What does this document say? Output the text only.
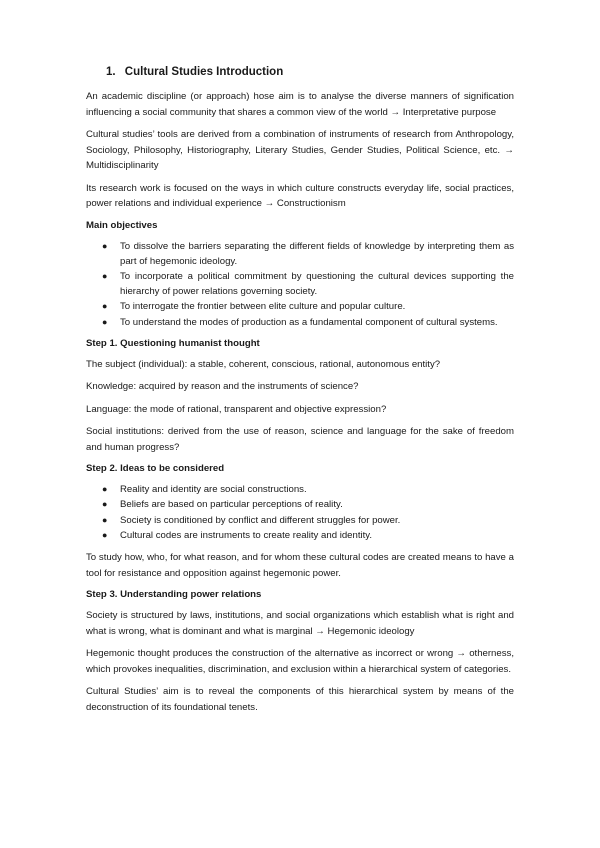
1. Cultural Studies Introduction

An academic discipline (or approach) hose aim is to analyse the diverse manners of signification influencing a social community that shares a common view of the world → Interpretative purpose

Cultural studies’ tools are derived from a combination of instruments of research from Anthropology, Sociology, Philosophy, Historiography, Literary Studies, Gender Studies, Political Science, etc. → Multidisciplinarity

Its research work is focused on the ways in which culture constructs everyday life, social practices, power relations and individual experience → Constructionism

Main objectives
● To dissolve the barriers separating the different fields of knowledge by interpreting them as part of hegemonic ideology.
● To incorporate a political commitment by questioning the cultural devices supporting the hierarchy of power relations governing society.
● To interrogate the frontier between elite culture and popular culture.
● To understand the modes of production as a fundamental component of cultural systems.
Step 1. Questioning humanist thought

The subject (individual): a stable, coherent, conscious, rational, autonomous entity?

Knowledge: acquired by reason and the instruments of science?

Language: the mode of rational, transparent and objective expression?

Social institutions: derived from the use of reason, science and language for the sake of freedom and human progress?

Step 2. Ideas to be considered
● Reality and identity are social constructions.
● Beliefs are based on particular perceptions of reality.
● Society is conditioned by conflict and different struggles for power.
● Cultural codes are instruments to create reality and identity.

To study how, who, for what reason, and for whom these cultural codes are created means to have a tool for resistance and opposition against hegemonic power.

Step 3. Understanding power relations

Society is structured by laws, institutions, and social organizations which establish what is right and what is wrong, what is dominant and what is marginal → Hegemonic ideology

Hegemonic thought produces the construction of the alternative as incorrect or wrong → otherness, which provokes inequalities, discrimination, and exclusion within a hierarchical system of categories.

Cultural Studies’ aim is to reveal the components of this hierarchical system by means of the deconstruction of its foundational tenets.
